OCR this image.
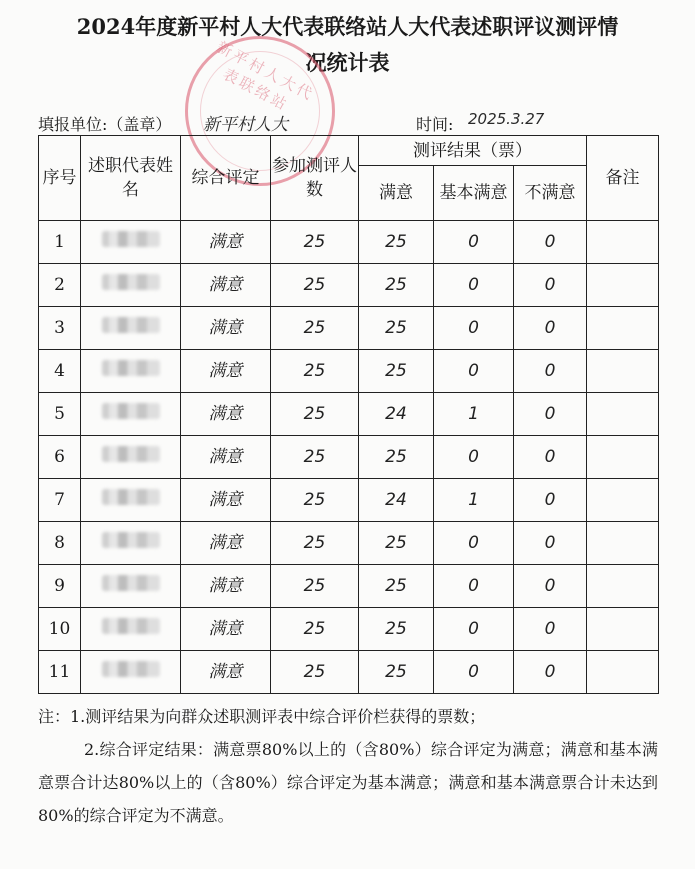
2024年度新平村人大代表联络站人大代表述职评议测评情
况统计表
新平村人大代表联络站
填报单位:（盖章） 新平村人大	时间: 2025.3.27
序号	述职代表姓名	综合评定	参加测评人数	测评结果（票）			备注
				满意	基本满意	不满意	
1		满意	25	25	0	0	
2		满意	25	25	0	0	
3		满意	25	25	0	0	
4		满意	25	25	0	0	
5		满意	25	24	1	0	
6		满意	25	25	0	0	
7		满意	25	24	1	0	
8		满意	25	25	0	0	
9		满意	25	25	0	0	
10		满意	25	25	0	0	
11		满意	25	25	0	0	

注：1.测评结果为向群众述职测评表中综合评价栏获得的票数；

2.综合评定结果：满意票80%以上的（含80%）综合评定为满意；满意和基本满意票合计达80%以上的（含80%）综合评定为基本满意；满意和基本满意票合计未达到80%的综合评定为不满意。
